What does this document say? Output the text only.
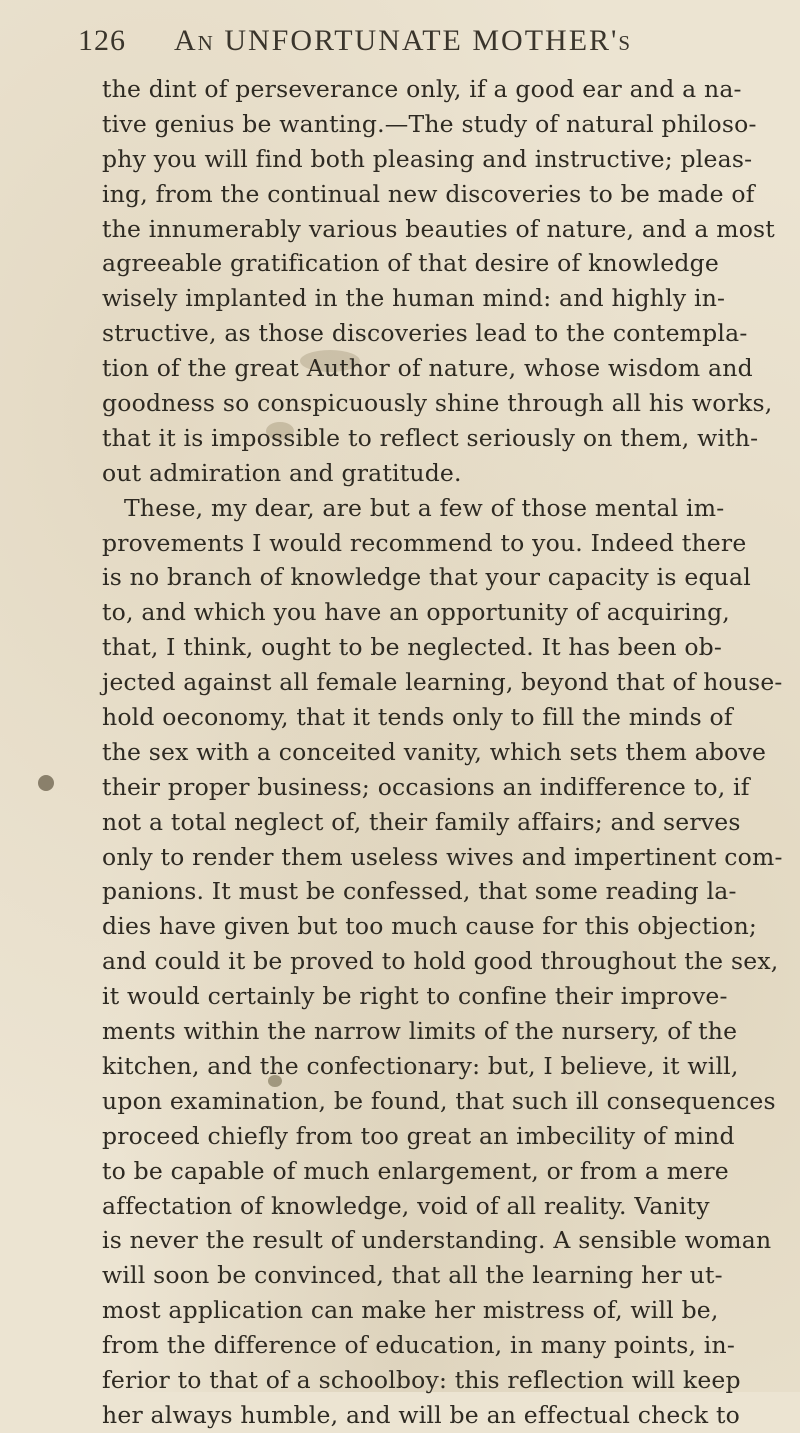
126 An UNFORTUNATE MOTHER's
the dint of perseverance only, if a good ear and a na-
tive genius be wanting.—The study of natural philoso-
phy you will find both pleasing and instructive; pleas-
ing, from the continual new discoveries to be made of
the innumerably various beauties of nature, and a most
agreeable gratification of that desire of knowledge
wisely implanted in the human mind: and highly in-
structive, as those discoveries lead to the contempla-
tion of the great Author of nature, whose wisdom and
goodness so conspicuously shine through all his works,
that it is impossible to reflect seriously on them, with-
out admiration and gratitude.
These, my dear, are but a few of those mental im-
provements I would recommend to you. Indeed there
is no branch of knowledge that your capacity is equal
to, and which you have an opportunity of acquiring,
that, I think, ought to be neglected. It has been ob-
jected against all female learning, beyond that of house-
hold oeconomy, that it tends only to fill the minds of
the sex with a conceited vanity, which sets them above
their proper business; occasions an indifference to, if
not a total neglect of, their family affairs; and serves
only to render them useless wives and impertinent com-
panions. It must be confessed, that some reading la-
dies have given but too much cause for this objection;
and could it be proved to hold good throughout the sex,
it would certainly be right to confine their improve-
ments within the narrow limits of the nursery, of the
kitchen, and the confectionary: but, I believe, it will,
upon examination, be found, that such ill consequences
proceed chiefly from too great an imbecility of mind
to be capable of much enlargement, or from a mere
affectation of knowledge, void of all reality. Vanity
is never the result of understanding. A sensible woman
will soon be convinced, that all the learning her ut-
most application can make her mistress of, will be,
from the difference of education, in many points, in-
ferior to that of a schoolboy: this reflection will keep
her always humble, and will be an effectual check to
